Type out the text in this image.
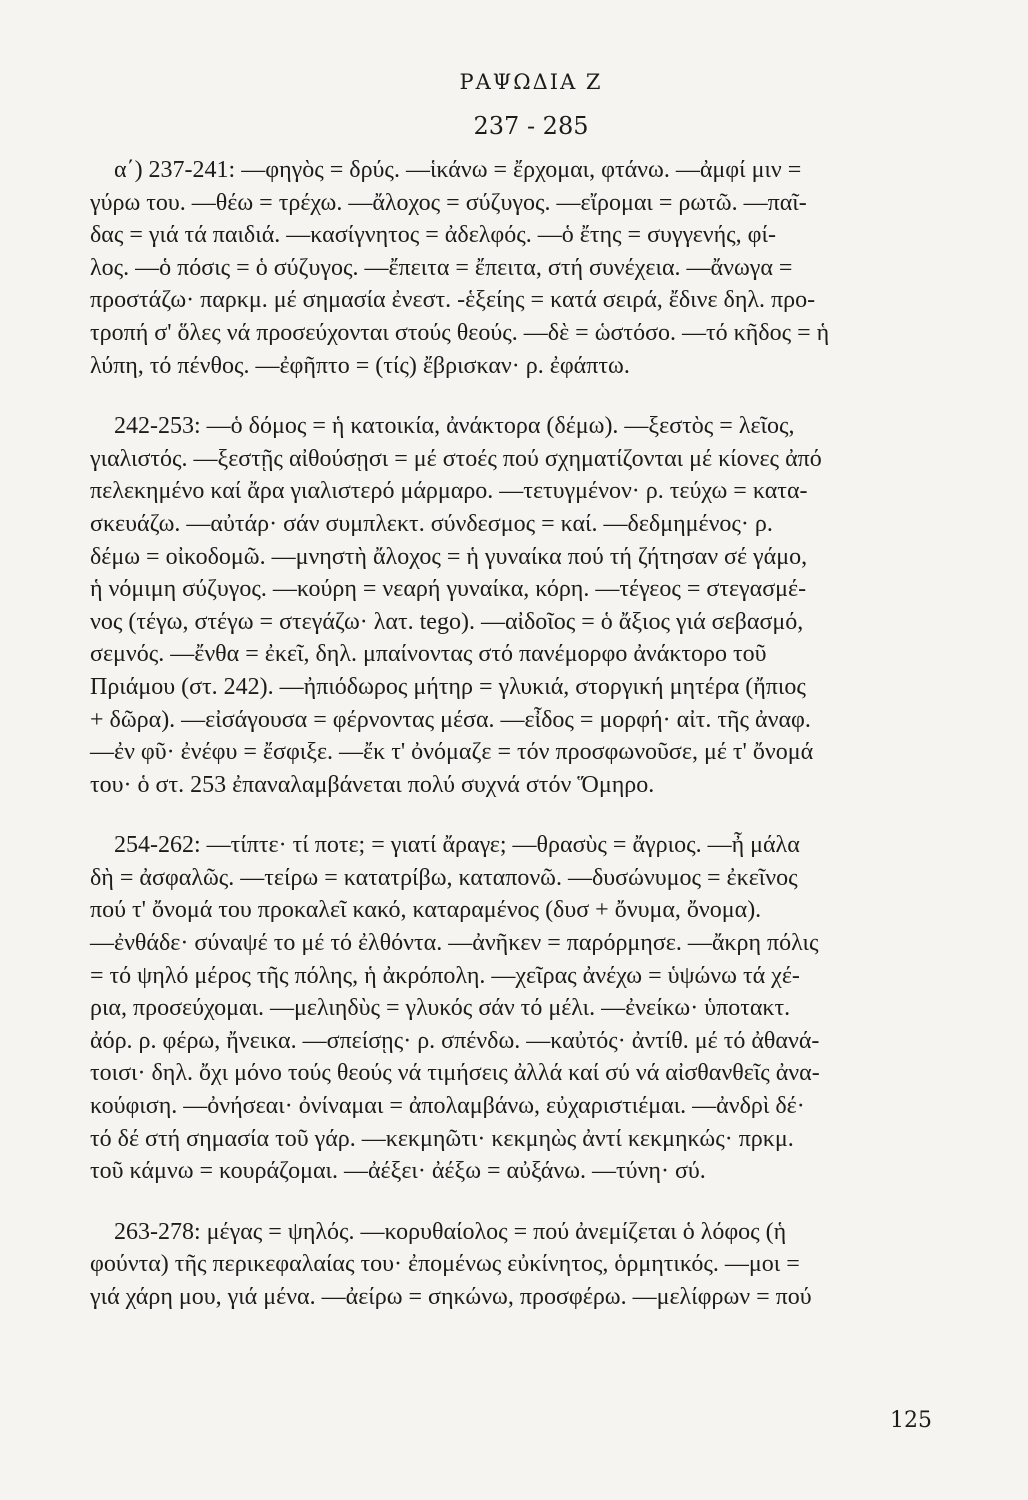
ΡΑΨΩΔΙΑ Ζ
237 - 285
α΄) 237-241: —φηγὸς = δρύς. —ἱκάνω = ἔρχομαι, φτάνω. —ἀμφί μιν =
γύρω του. —θέω = τρέχω. —ἄλοχος = σύζυγος. —εἴρομαι = ρωτῶ. —παῖ-
δας = γιά τά παιδιά. —κασίγνητος = ἀδελφός. —ὁ ἔτης = συγγενής, φί-
λος. —ὁ πόσις = ὁ σύζυγος. —ἔπειτα = ἔπειτα, στή συνέχεια. —ἄνωγα =
προστάζω· παρκμ. μέ σημασία ἐνεστ. -ἑξείης = κατά σειρά, ἔδινε δηλ. προ-
τροπή σ' ὅλες νά προσεύχονται στούς θεούς. —δὲ = ὡστόσο. —τό κῆδος = ἡ
λύπη, τό πένθος. —ἐφῆπτο = (τίς) ἔβρισκαν· ρ. ἐφάπτω.
242-253: —ὁ δόμος = ἡ κατοικία, ἀνάκτορα (δέμω). —ξεστὸς = λεῖος,
γιαλιστός. —ξεστῇς αἰθούσῃσι = μέ στοές πού σχηματίζονται μέ κίονες ἀπό
πελεκημένο καί ἄρα γιαλιστερό μάρμαρο. —τετυγμένον· ρ. τεύχω = κατα-
σκευάζω. —αὐτάρ· σάν συμπλεκτ. σύνδεσμος = καί. —δεδμημένος· ρ.
δέμω = οἰκοδομῶ. —μνηστὴ ἄλοχος = ἡ γυναίκα πού τή ζήτησαν σέ γάμο,
ἡ νόμιμη σύζυγος. —κούρη = νεαρή γυναίκα, κόρη. —τέγεος = στεγασμέ-
νος (τέγω, στέγω = στεγάζω· λατ. tego). —αἰδοῖος = ὁ ἄξιος γιά σεβασμό,
σεμνός. —ἔνθα = ἐκεῖ, δηλ. μπαίνοντας στό πανέμορφο ἀνάκτορο τοῦ
Πριάμου (στ. 242). —ἠπιόδωρος μήτηρ = γλυκιά, στοργική μητέρα (ἤπιος
+ δῶρα). —εἰσάγουσα = φέρνοντας μέσα. —εἶδος = μορφή· αἰτ. τῆς ἀναφ.
—ἐν φῦ· ἐνέφυ = ἔσφιξε. —ἔκ τ' ὀνόμαζε = τόν προσφωνοῦσε, μέ τ' ὄνομά
του· ὁ στ. 253 ἐπαναλαμβάνεται πολύ συχνά στόν Ὅμηρο.
254-262: —τίπτε· τί ποτε; = γιατί ἄραγε; —θρασὺς = ἄγριος. —ἦ μάλα
δὴ = ἀσφαλῶς. —τείρω = κατατρίβω, καταπονῶ. —δυσώνυμος = ἐκεῖνος
πού τ' ὄνομά του προκαλεῖ κακό, καταραμένος (δυσ + ὄνυμα, ὄνομα).
—ἐνθάδε· σύναψέ το μέ τό ἐλθόντα. —ἀνῆκεν = παρόρμησε. —ἄκρη πόλις
= τό ψηλό μέρος τῆς πόλης, ἡ ἀκρόπολη. —χεῖρας ἀνέχω = ὑψώνω τά χέ-
ρια, προσεύχομαι. —μελιηδὺς = γλυκός σάν τό μέλι. —ἐνείκω· ὑποτακτ.
ἀόρ. ρ. φέρω, ἤνεικα. —σπείσῃς· ρ. σπένδω. —καὐτός· ἀντίθ. μέ τό ἀθανά-
τοισι· δηλ. ὄχι μόνο τούς θεούς νά τιμήσεις ἀλλά καί σύ νά αἰσθανθεῖς ἀνα-
κούφιση. —ὀνήσεαι· ὀνίναμαι = ἀπολαμβάνω, εὐχαριστιέμαι. —ἀνδρὶ δέ·
τό δέ στή σημασία τοῦ γάρ. —κεκμηῶτι· κεκμηὼς ἀντί κεκμηκώς· πρκμ.
τοῦ κάμνω = κουράζομαι. —ἀέξει· ἀέξω = αὐξάνω. —τύνη· σύ.
263-278: μέγας = ψηλός. —κορυθαίολος = πού ἀνεμίζεται ὁ λόφος (ἡ
φούντα) τῆς περικεφαλαίας του· ἐπομένως εὐκίνητος, ὁρμητικός. —μοι =
γιά χάρη μου, γιά μένα. —ἀείρω = σηκώνω, προσφέρω. —μελίφρων = πού
125
